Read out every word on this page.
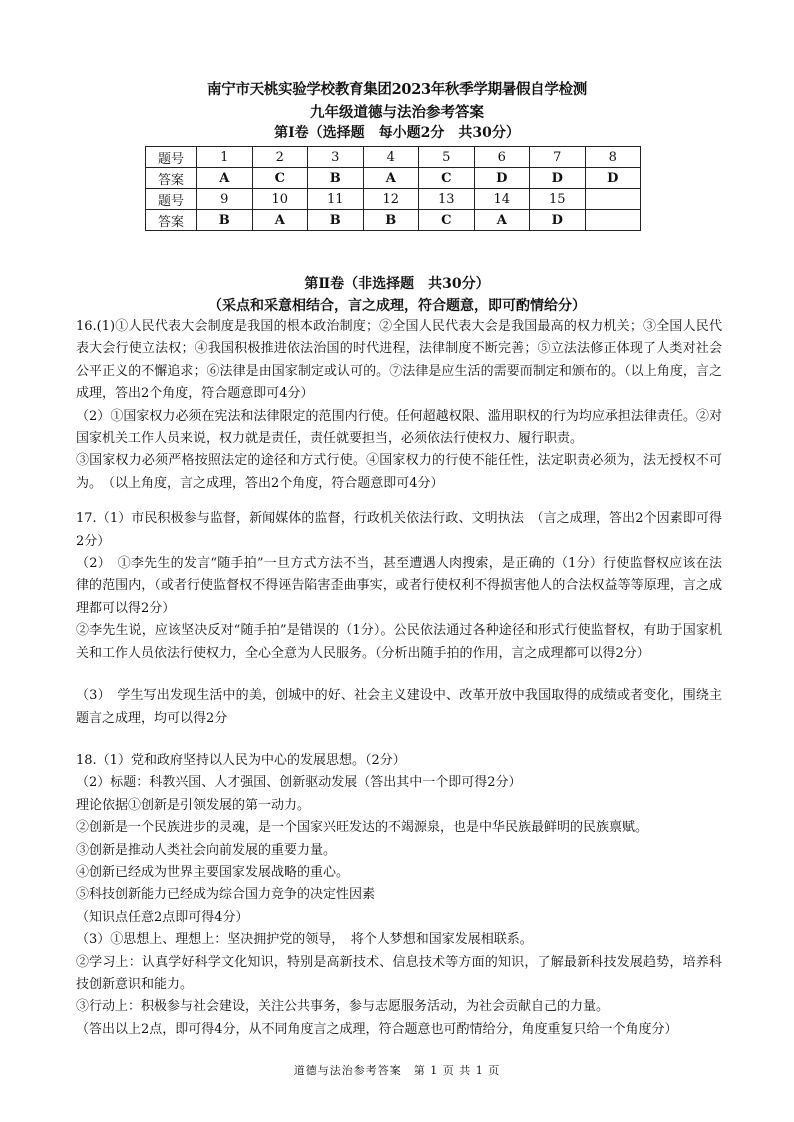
南宁市天桃实验学校教育集团2023年秋季学期暑假自学检测
九年级道德与法治参考答案
第Ⅰ卷（选择题　每小题2分　共30分）
题号	1	2	3	4	5	6	7	8
答案	A	C	B	A	C	D	D	D
题号	9	10	11	12	13	14	15	
答案	B	A	B	B	C	A	D	
第Ⅱ卷（非选择题　共30分）
（采点和采意相结合，言之成理，符合题意，即可酌情给分）

16.(1)①人民代表大会制度是我国的根本政治制度；②全国人民代表大会是我国最高的权力机关；③全国人民代表大会行使立法权；④我国积极推进依法治国的时代进程，法律制度不断完善；⑤立法法修正体现了人类对社会公平正义的不懈追求；⑥法律是由国家制定或认可的。⑦法律是应生活的需要而制定和颁布的。（以上角度，言之成理，答出2个角度，符合题意即可4分）

（2）①国家权力必须在宪法和法律限定的范围内行使。任何超越权限、滥用职权的行为均应承担法律责任。②对国家机关工作人员来说，权力就是责任，责任就要担当，必须依法行使权力、履行职责。

③国家权力必须严格按照法定的途径和方式行使。④国家权力的行使不能任性，法定职责必须为，法无授权不可为。　（以上角度，言之成理，答出2个角度，符合题意即可4分）

17.（1）市民积极参与监督，新闻媒体的监督，行政机关依法行政、文明执法　（言之成理，答出2个因素即可得2分）

（2）　①李先生的发言“随手拍”一旦方式方法不当，甚至遭遇人肉搜索，是正确的（1分）行使监督权应该在法律的范围内，（或者行使监督权不得诬告陷害歪曲事实，或者行使权利不得损害他人的合法权益等等原理，言之成理都可以得2分）

②李先生说，应该坚决反对“随手拍”是错误的（1分）。公民依法通过各种途径和形式行使监督权，有助于国家机关和工作人员依法行使权力，全心全意为人民服务。（分析出随手拍的作用，言之成理都可以得2分）

（3）　学生写出发现生活中的美，创城中的好、社会主义建设中、改革开放中我国取得的成绩或者变化，围绕主题言之成理，均可以得2分

18.（1）党和政府坚持以人民为中心的发展思想。（2分）

（2）标题：科教兴国、人才强国、创新驱动发展（答出其中一个即可得2分）

理论依据①创新是引领发展的第一动力。

②创新是一个民族进步的灵魂，是一个国家兴旺发达的不竭源泉，也是中华民族最鲜明的民族禀赋。

③创新是推动人类社会向前发展的重要力量。

④创新已经成为世界主要国家发展战略的重心。

⑤科技创新能力已经成为综合国力竞争的决定性因素

（知识点任意2点即可得4分）

（3）①思想上、理想上：坚决拥护党的领导，　将个人梦想和国家发展相联系。

②学习上：认真学好科学文化知识，特别是高新技术、信息技术等方面的知识，了解最新科技发展趋势，培养科技创新意识和能力。

③行动上：积极参与社会建设，关注公共事务，参与志愿服务活动，为社会贡献自己的力量。

（答出以上2点，即可得4分，从不同角度言之成理，符合题意也可酌情给分，角度重复只给一个角度分）

道德与法治参考答案　第 1 页 共 1 页
